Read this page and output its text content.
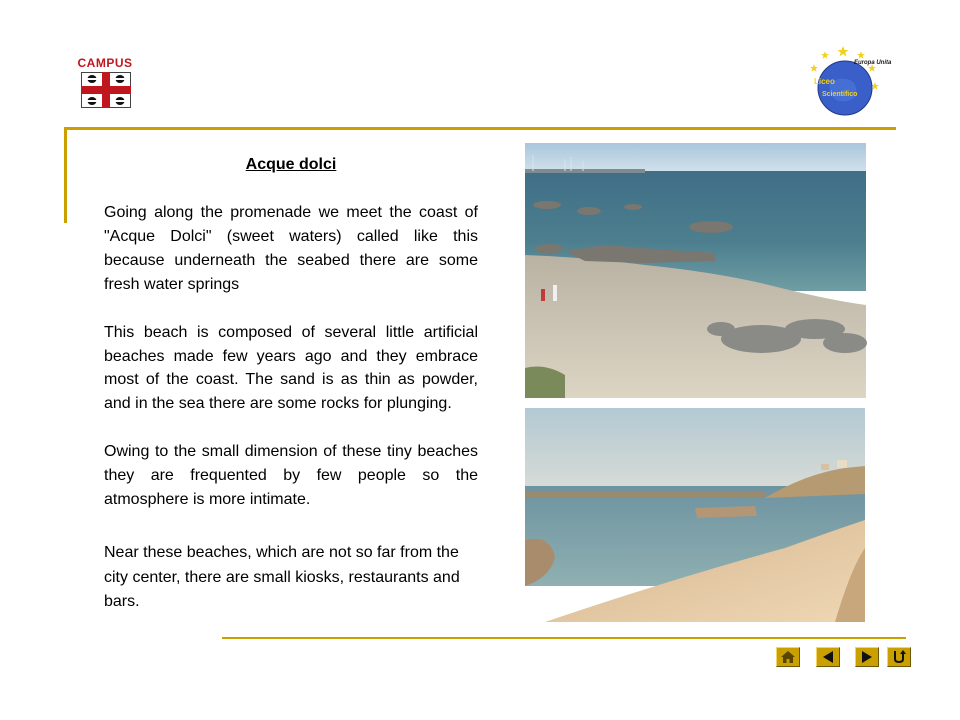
CAMPUS	Europa Unita
Liceo
Scientifico
Acque dolci
Going along the promenade we meet the coast of "Acque Dolci" (sweet waters) called like this because underneath the seabed there are some fresh water springs
This beach is composed of several little artificial beaches made few years ago and they embrace most of the coast. The sand is as thin as powder, and in the sea there are some rocks for plunging.
Owing to the small dimension of these tiny beaches they are frequented by few people so the atmosphere is more intimate.
Near these beaches, which are not so far from the city center, there are small kiosks, restaurants and bars.
